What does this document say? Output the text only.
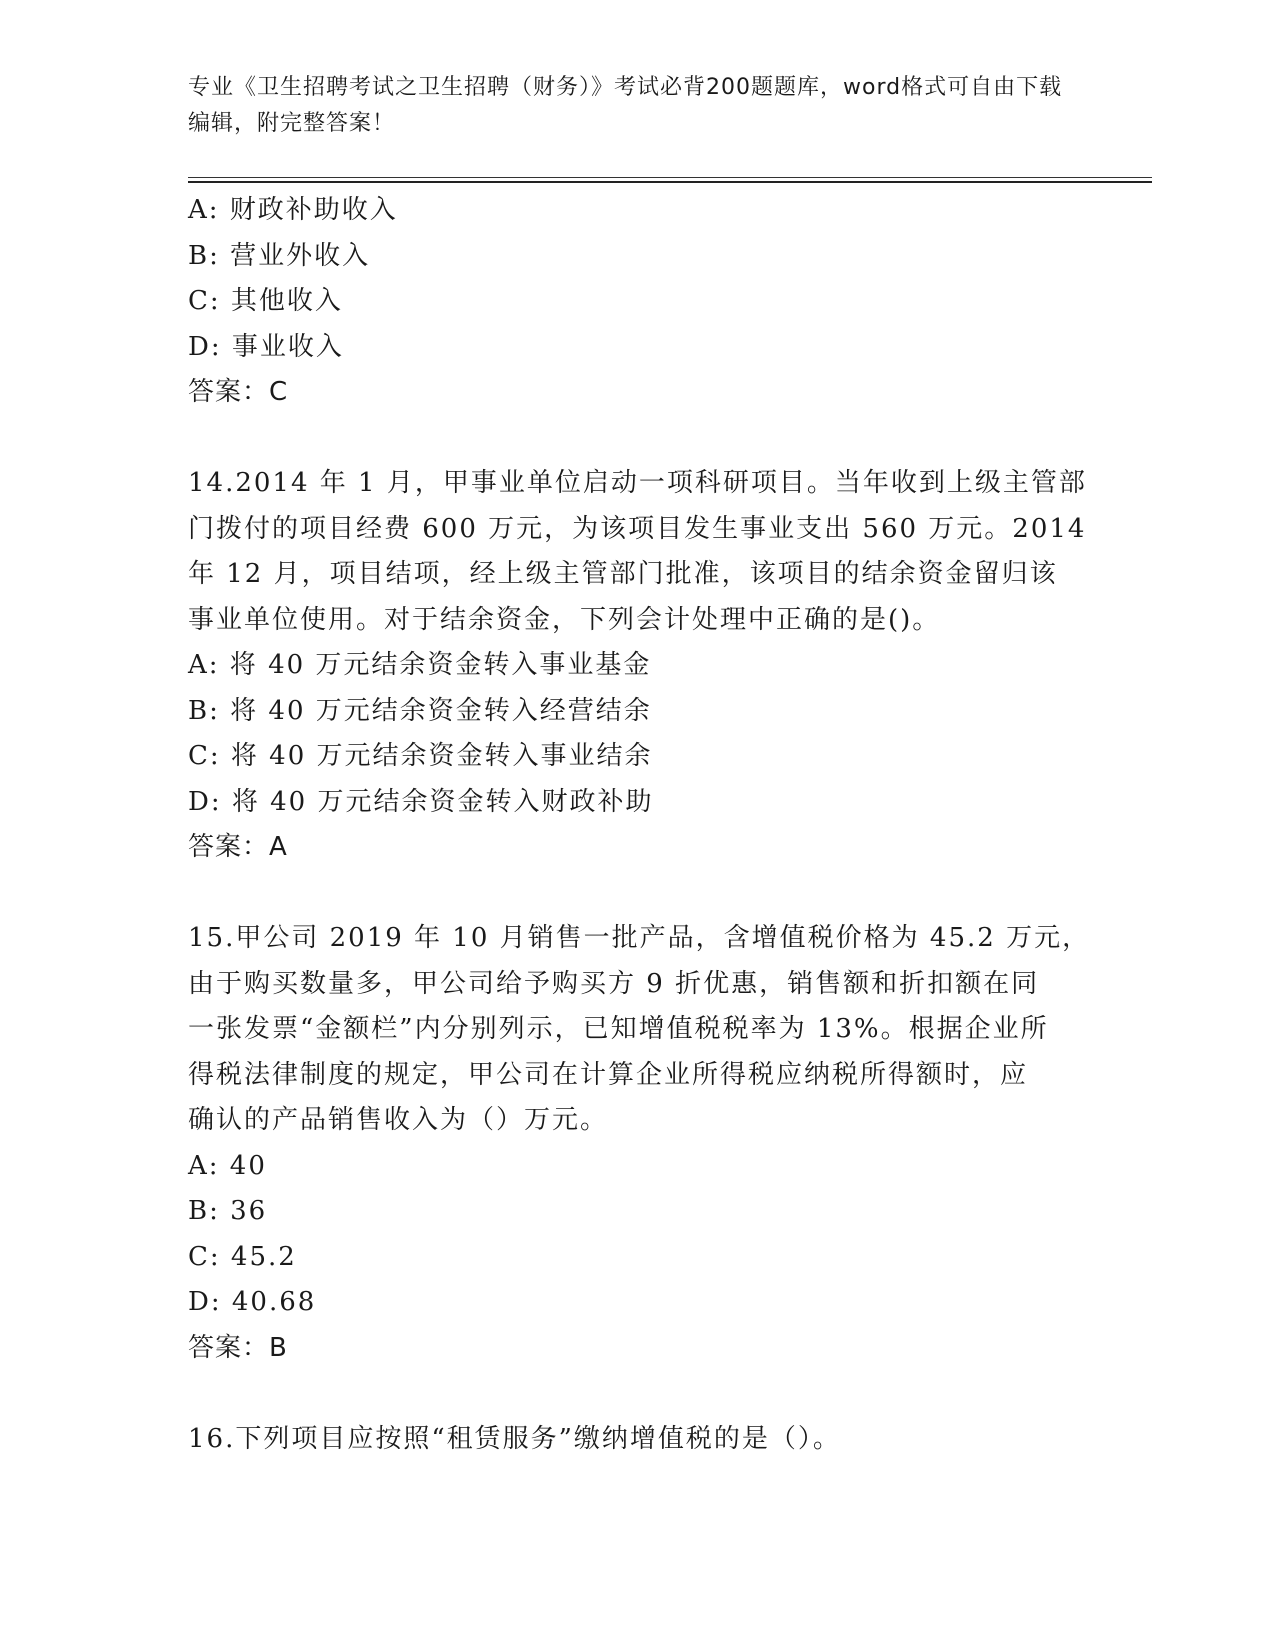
专业《卫生招聘考试之卫生招聘（财务）》考试必背200题题库，word格式可自由下载编辑，附完整答案！
A: 财政补助收入
B: 营业外收入
C: 其他收入
D: 事业收入
答案：C
14.2014 年 1 月，甲事业单位启动一项科研项目。当年收到上级主管部
门拨付的项目经费 600 万元，为该项目发生事业支出 560 万元。2014
年 12 月，项目结项，经上级主管部门批准，该项目的结余资金留归该
事业单位使用。对于结余资金，下列会计处理中正确的是()。
A: 将 40 万元结余资金转入事业基金
B: 将 40 万元结余资金转入经营结余
C: 将 40 万元结余资金转入事业结余
D: 将 40 万元结余资金转入财政补助
答案：A
15.甲公司 2019 年 10 月销售一批产品，含增值税价格为 45.2 万元，
由于购买数量多，甲公司给予购买方 9 折优惠，销售额和折扣额在同
一张发票“金额栏”内分别列示，已知增值税税率为 13%。根据企业所
得税法律制度的规定，甲公司在计算企业所得税应纳税所得额时，应
确认的产品销售收入为（）万元。
A: 40
B: 36
C: 45.2
D: 40.68
答案：B
16.下列项目应按照“租赁服务”缴纳增值税的是（）。
